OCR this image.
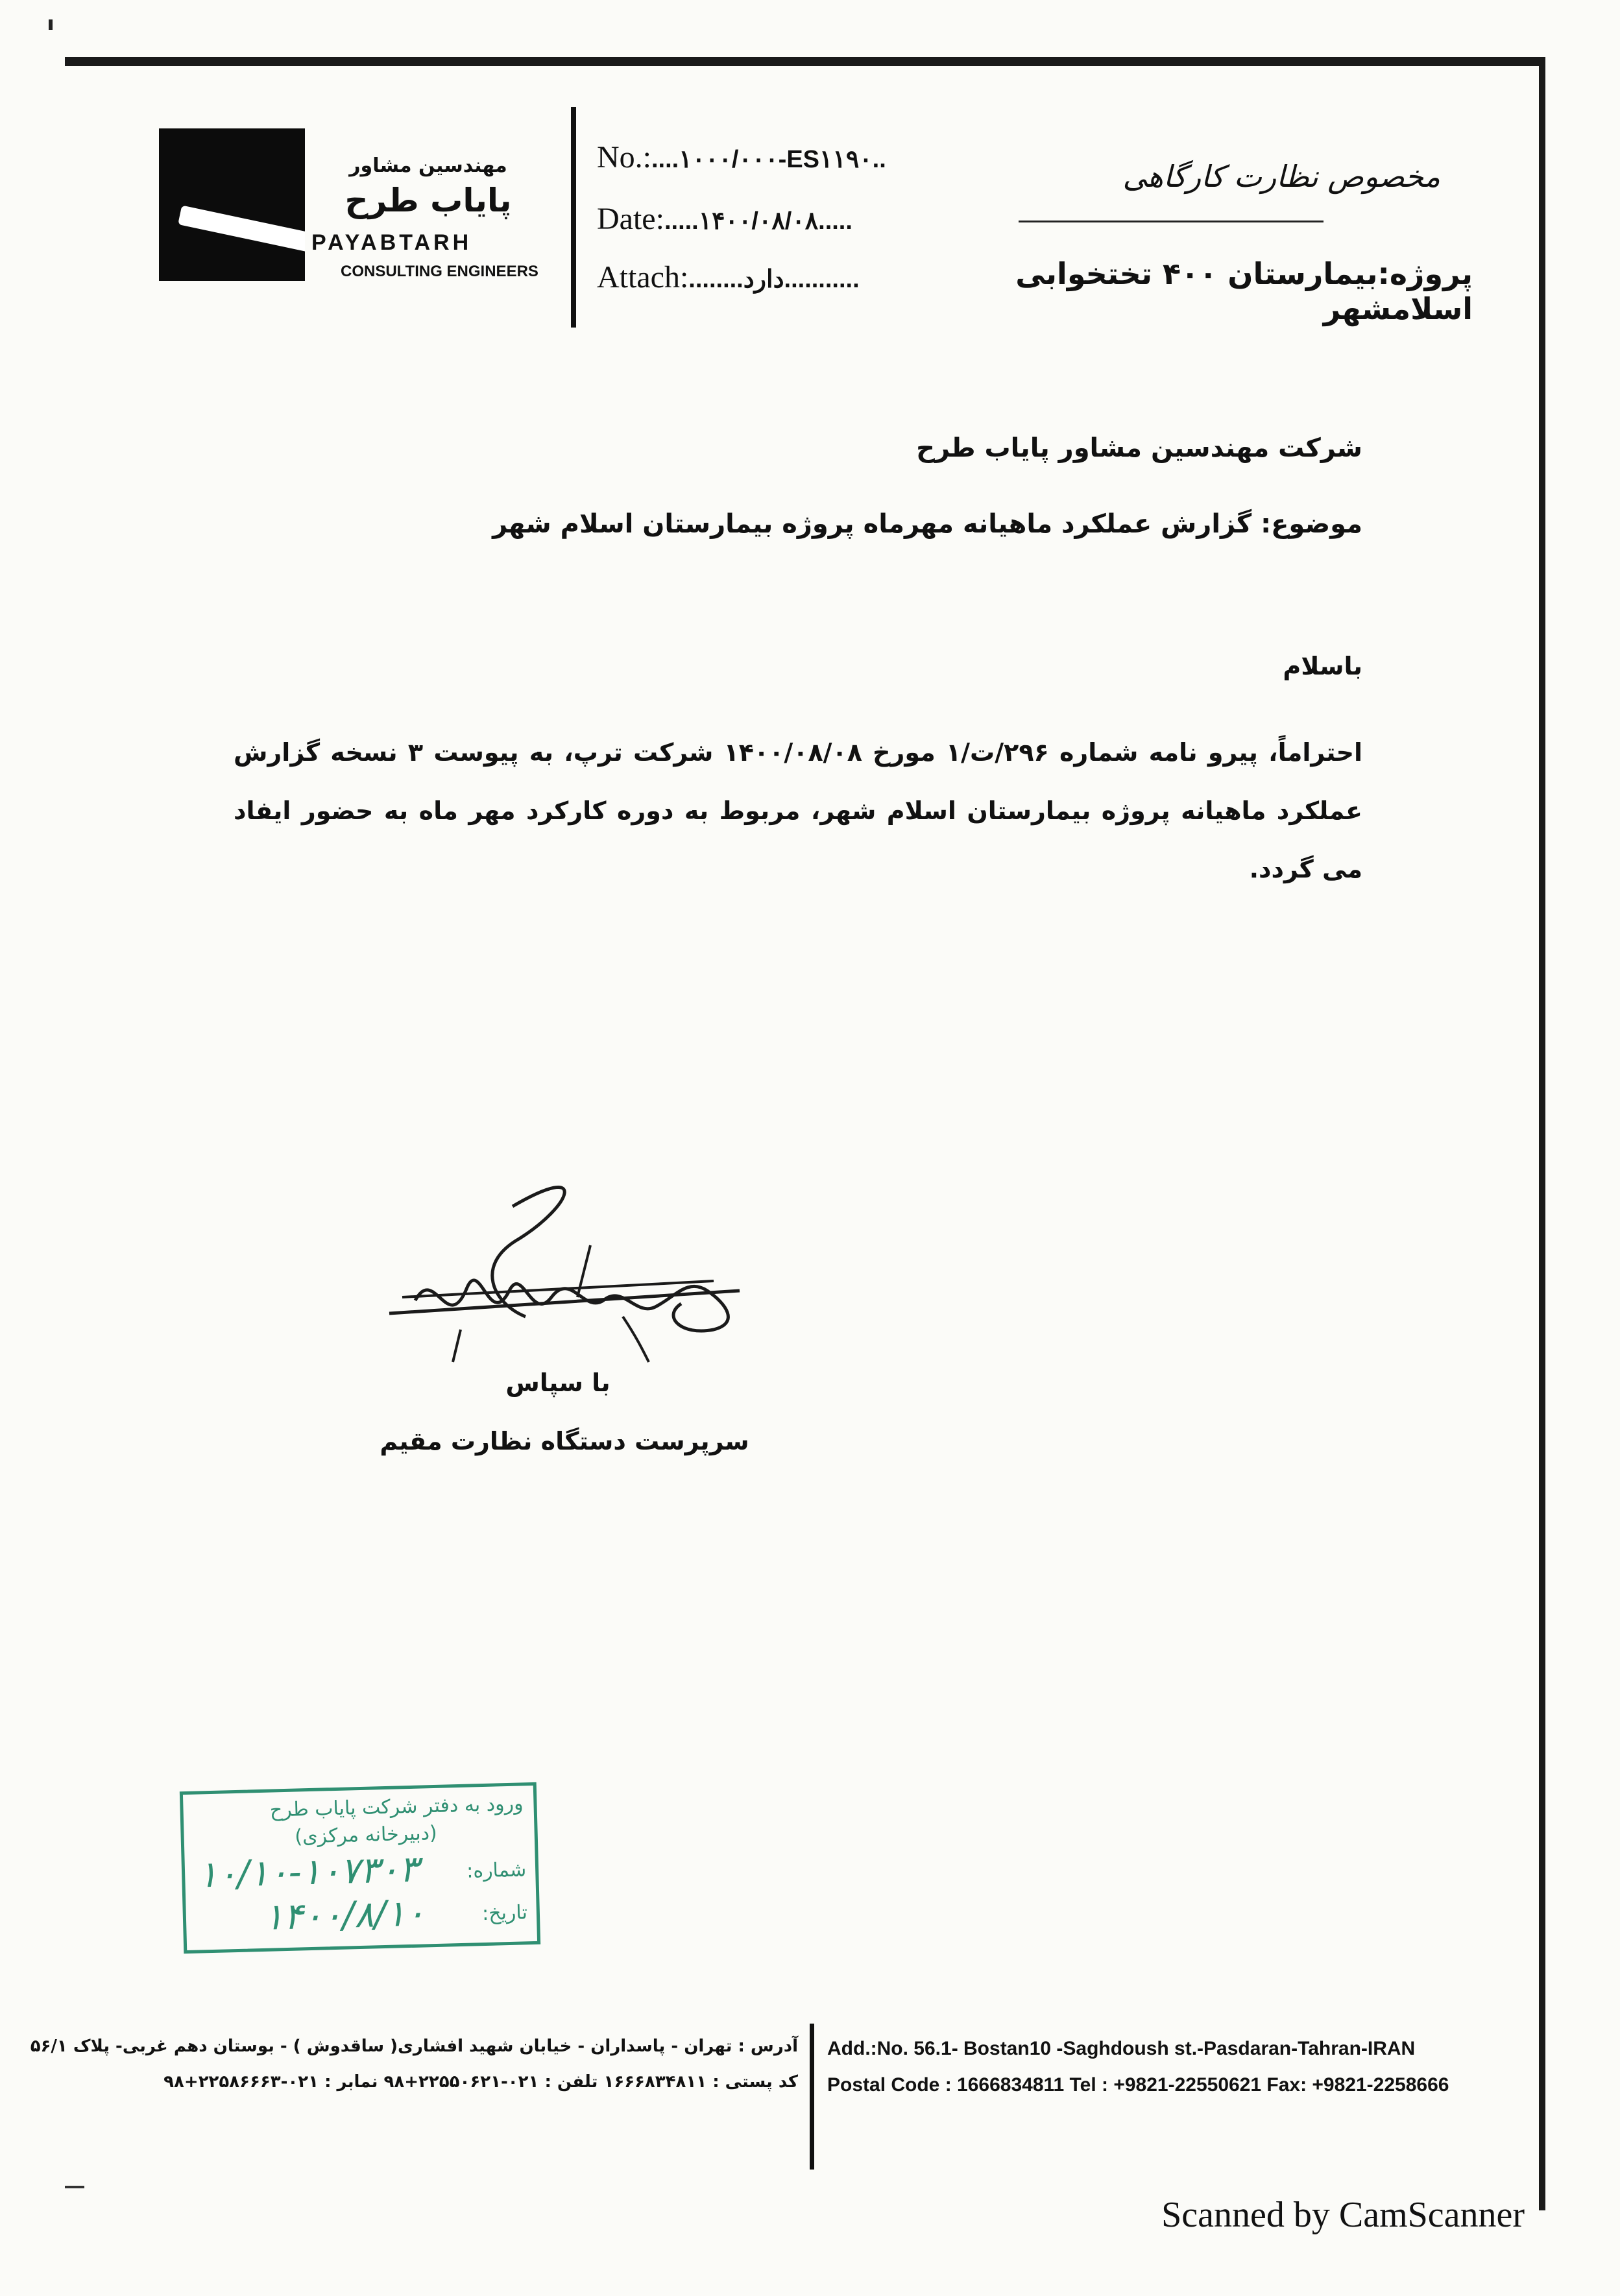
مهندسین مشاور
پایاب طرح
PAYABTARH
CONSULTING ENGINEERS
No.:....۱۰۰۰/۰۰۰-ES۱۱۹۰..
Date:.....۱۴۰۰/۰۸/۰۸.....
Attach:........دارد...........
مخصوص نظارت کارگاهی
پروژه:بیمارستان ۴۰۰ تختخوابی اسلامشهر
شرکت مهندسین مشاور پایاب طرح
موضوع: گزارش عملکرد ماهیانه مهرماه پروژه بیمارستان اسلام شهر
باسلام
احتراماً، پیرو نامه شماره ۲۹۶/ت/۱ مورخ ۱۴۰۰/۰۸/۰۸ شرکت ترپ، به پیوست ۳ نسخه گزارش عملکرد ماهیانه پروژه بیمارستان اسلام شهر، مربوط به دوره کارکرد مهر ماه به حضور ایفاد می گردد.
با سپاس
سرپرست دستگاه نظارت مقیم
ورود به دفتر شرکت پایاب طرح
(دبیرخانه مرکزی)
شماره:
۱۰/۱۰-۱۰۷۳۰۳
تاریخ:
۱۴۰۰/۸/۱۰
آدرس : تهران - پاسداران - خیابان شهید افشاری( ساقدوش ) - بوستان دهم غربی- پلاک ۵۶/۱
کد پستی : ۱۶۶۶۸۳۴۸۱۱ تلفن : ۰۲۱-۲۲۵۵۰۶۲۱+۹۸ نمابر : ۰۲۱-۲۲۵۸۶۶۶۳+۹۸
Add.:No. 56.1- Bostan10 -Saghdoush st.-Pasdaran-Tahran-IRAN
Postal Code : 1666834811 Tel : +9821-22550621 Fax: +9821-2258666
Scanned by CamScanner
